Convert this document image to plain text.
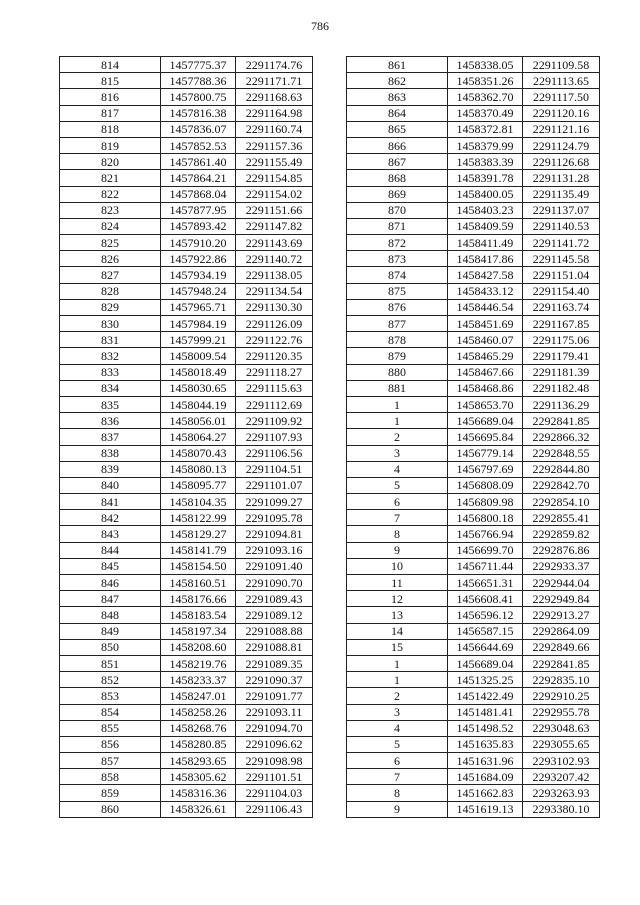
786
814	1457775.37	2291174.76
815	1457788.36	2291171.71
816	1457800.75	2291168.63
817	1457816.38	2291164.98
818	1457836.07	2291160.74
819	1457852.53	2291157.36
820	1457861.40	2291155.49
821	1457864.21	2291154.85
822	1457868.04	2291154.02
823	1457877.95	2291151.66
824	1457893.42	2291147.82
825	1457910.20	2291143.69
826	1457922.86	2291140.72
827	1457934.19	2291138.05
828	1457948.24	2291134.54
829	1457965.71	2291130.30
830	1457984.19	2291126.09
831	1457999.21	2291122.76
832	1458009.54	2291120.35
833	1458018.49	2291118.27
834	1458030.65	2291115.63
835	1458044.19	2291112.69
836	1458056.01	2291109.92
837	1458064.27	2291107.93
838	1458070.43	2291106.56
839	1458080.13	2291104.51
840	1458095.77	2291101.07
841	1458104.35	2291099.27
842	1458122.99	2291095.78
843	1458129.27	2291094.81
844	1458141.79	2291093.16
845	1458154.50	2291091.40
846	1458160.51	2291090.70
847	1458176.66	2291089.43
848	1458183.54	2291089.12
849	1458197.34	2291088.88
850	1458208.60	2291088.81
851	1458219.76	2291089.35
852	1458233.37	2291090.37
853	1458247.01	2291091.77
854	1458258.26	2291093.11
855	1458268.76	2291094.70
856	1458280.85	2291096.62
857	1458293.65	2291098.98
858	1458305.62	2291101.51
859	1458316.36	2291104.03
860	1458326.61	2291106.43
861	1458338.05	2291109.58
862	1458351.26	2291113.65
863	1458362.70	2291117.50
864	1458370.49	2291120.16
865	1458372.81	2291121.16
866	1458379.99	2291124.79
867	1458383.39	2291126.68
868	1458391.78	2291131.28
869	1458400.05	2291135.49
870	1458403.23	2291137.07
871	1458409.59	2291140.53
872	1458411.49	2291141.72
873	1458417.86	2291145.58
874	1458427.58	2291151.04
875	1458433.12	2291154.40
876	1458446.54	2291163.74
877	1458451.69	2291167.85
878	1458460.07	2291175.06
879	1458465.29	2291179.41
880	1458467.66	2291181.39
881	1458468.86	2291182.48
1	1458653.70	2291136.29
1	1456689.04	2292841.85
2	1456695.84	2292866.32
3	1456779.14	2292848.55
4	1456797.69	2292844.80
5	1456808.09	2292842.70
6	1456809.98	2292854.10
7	1456800.18	2292855.41
8	1456766.94	2292859.82
9	1456699.70	2292876.86
10	1456711.44	2292933.37
11	1456651.31	2292944.04
12	1456608.41	2292949.84
13	1456596.12	2292913.27
14	1456587.15	2292864.09
15	1456644.69	2292849.66
1	1456689.04	2292841.85
1	1451325.25	2292835.10
2	1451422.49	2292910.25
3	1451481.41	2292955.78
4	1451498.52	2293048.63
5	1451635.83	2293055.65
6	1451631.96	2293102.93
7	1451684.09	2293207.42
8	1451662.83	2293263.93
9	1451619.13	2293380.10
